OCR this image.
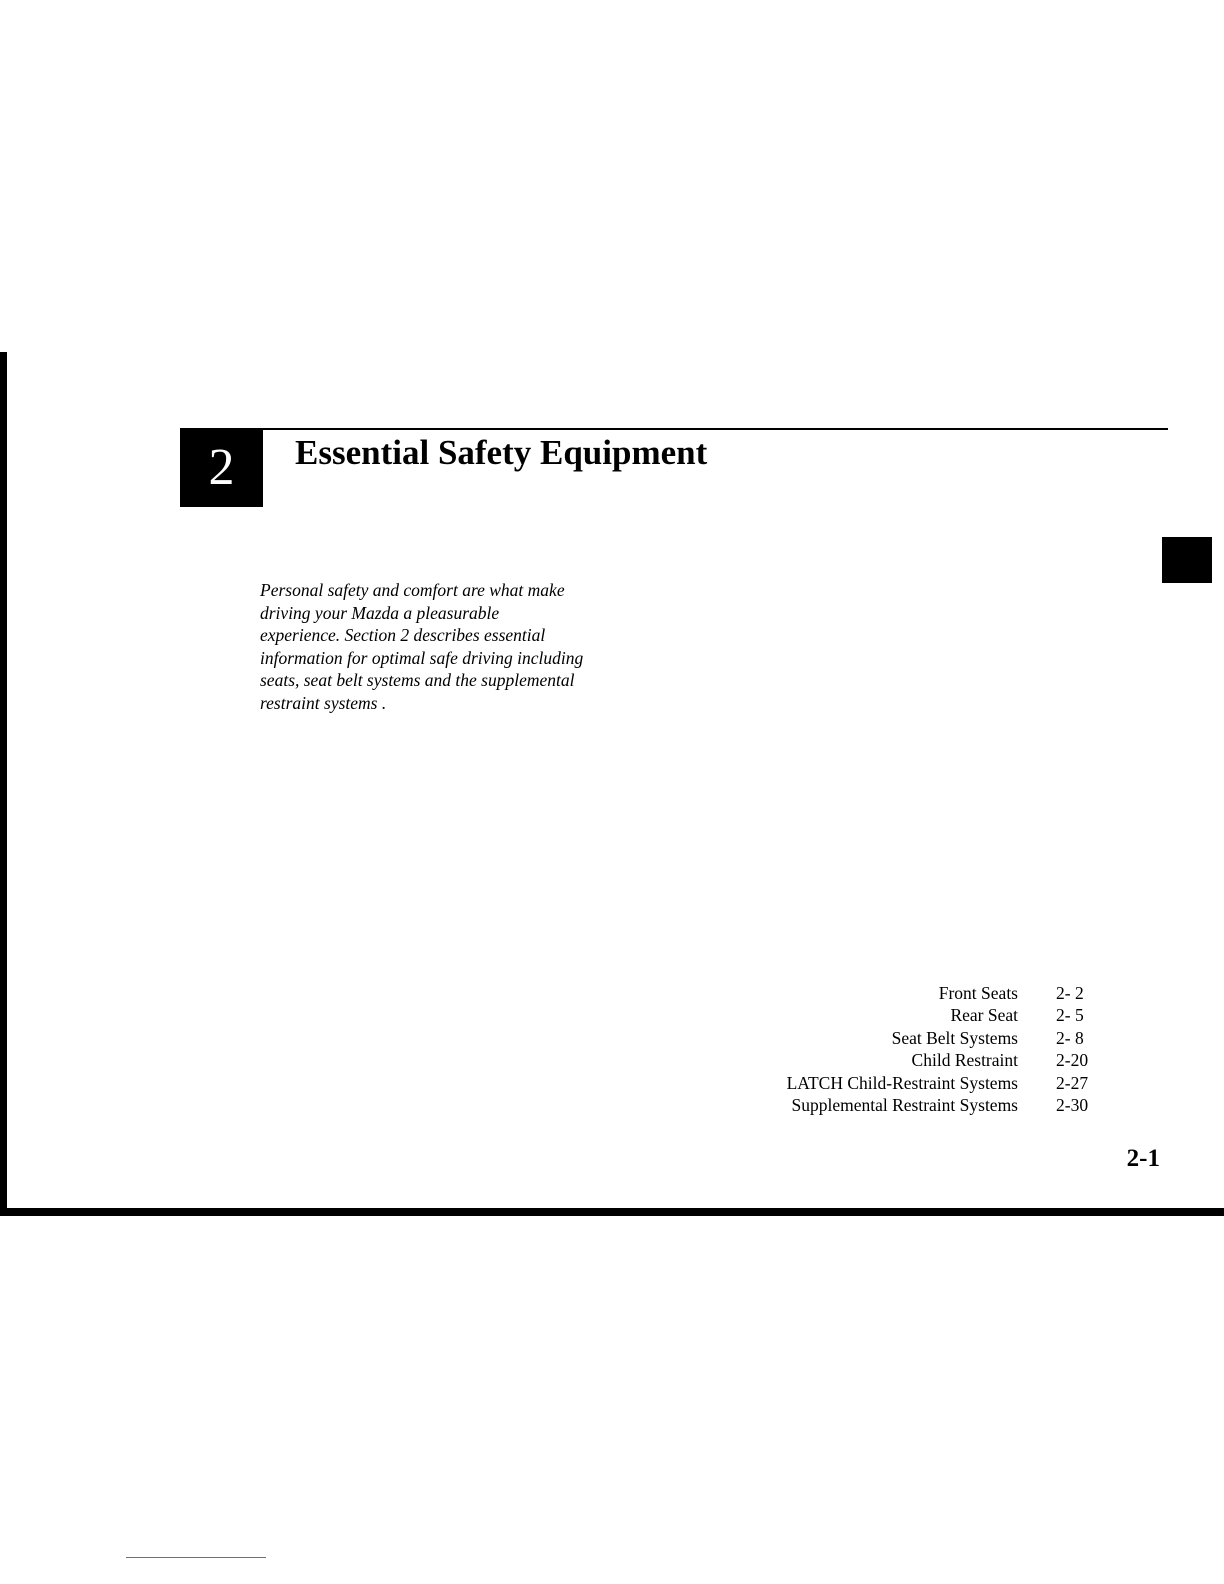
2	Essential Safety Equipment

Personal safety and comfort are what make
driving your Mazda a pleasurable
experience. Section 2 describes essential
information for optimal safe driving including
seats, seat belt systems and the supplemental
restraint systems .

Front Seats	2- 2
Rear Seat	2- 5
Seat Belt Systems	2- 8
Child Restraint	2-20
LATCH Child-Restraint Systems	2-27
Supplemental Restraint Systems	2-30
2-1
